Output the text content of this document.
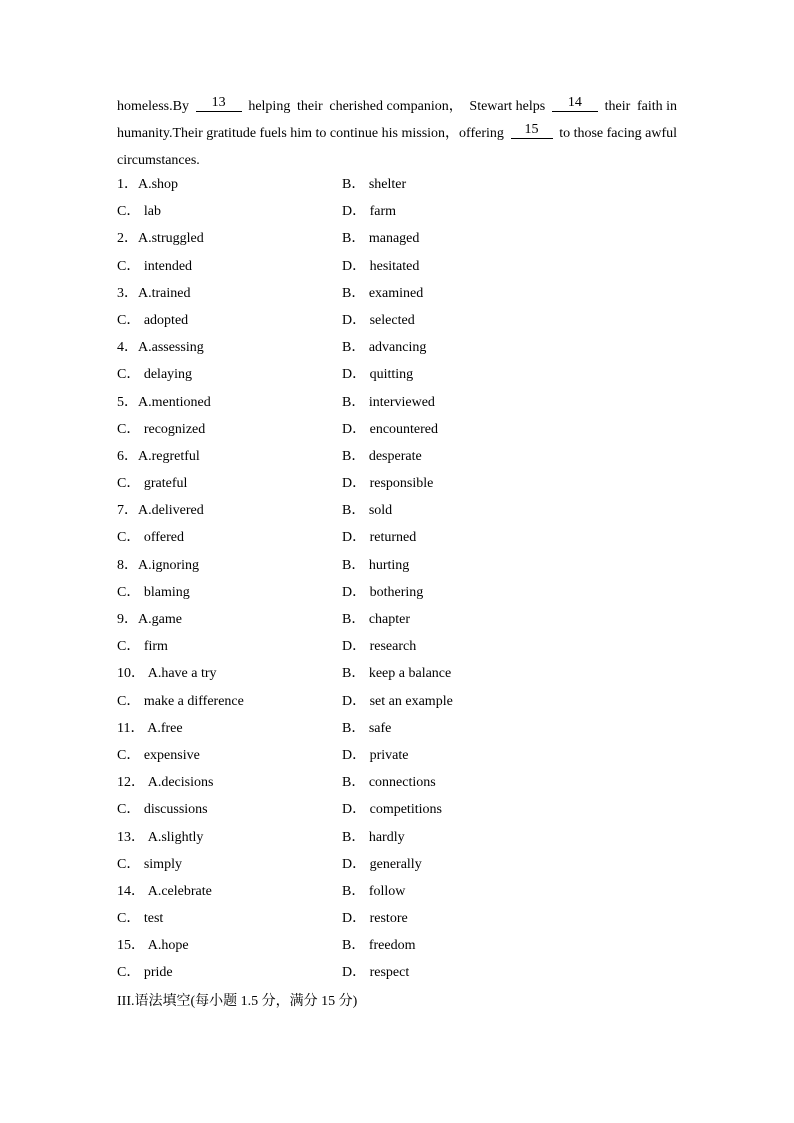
homeless.By	13	helping their cherished companion， Stewart helps	14	their faith in
humanity.Their gratitude fuels him to continue his mission，offering	15	to those facing awful
circumstances.
1．A.shop	B． shelter
C． lab	D． farm
2．A.struggled	B． managed
C． intended	D． hesitated
3．A.trained	B． examined
C． adopted	D． selected
4．A.assessing	B． advancing
C． delaying	D． quitting
5．A.mentioned	B． interviewed
C． recognized	D． encountered
6．A.regretful	B． desperate
C． grateful	D． responsible
7．A.delivered	B． sold
C． offered	D． returned
8．A.ignoring	B． hurting
C． blaming	D． bothering
9．A.game	B． chapter
C． firm	D． research
10． A.have a try	B． keep a balance
C． make a difference	D． set an example
11． A.free	B． safe
C． expensive	D． private
12． A.decisions	B． connections
C． discussions	D． competitions
13． A.slightly	B． hardly
C． simply	D． generally
14． A.celebrate	B． follow
C． test	D． restore
15． A.hope	B． freedom
C． pride	D． respect
III.语法填空(每小题 1.5 分，满分 15 分)
